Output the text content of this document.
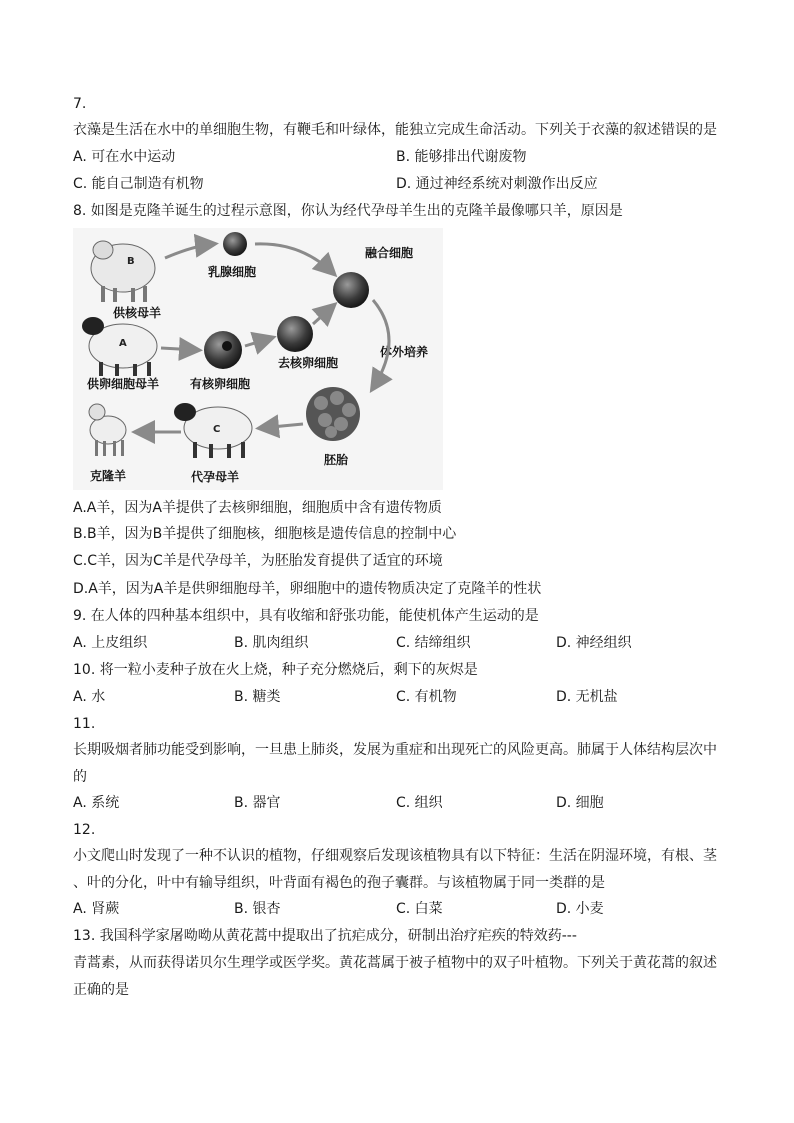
7.
衣藻是生活在水中的单细胞生物，有鞭毛和叶绿体，能独立完成生命活动。下列关于衣藻的叙述错误的是
A. 可在水中运动	B. 能够排出代谢废物
C. 能自己制造有机物	D. 通过神经系统对刺激作出反应
8. 如图是克隆羊诞生的过程示意图，你认为经代孕母羊生出的克隆羊最像哪只羊，原因是
B
供核母羊
乳腺细胞
融合细胞
A
供卵细胞母羊	有核卵细胞
去核卵细胞
体外培养
胚胎
C
代孕母羊
克隆羊
A.A羊，因为A羊提供了去核卵细胞，细胞质中含有遗传物质
B.B羊，因为B羊提供了细胞核，细胞核是遗传信息的控制中心
C.C羊，因为C羊是代孕母羊，为胚胎发育提供了适宜的环境
D.A羊，因为A羊是供卵细胞母羊，卵细胞中的遗传物质决定了克隆羊的性状
9. 在人体的四种基本组织中，具有收缩和舒张功能，能使机体产生运动的是
A. 上皮组织	B. 肌肉组织	C. 结缔组织	D. 神经组织
10. 将一粒小麦种子放在火上烧，种子充分燃烧后，剩下的灰烬是
A. 水	B. 糖类	C. 有机物	D. 无机盐
11.
长期吸烟者肺功能受到影响，一旦患上肺炎，发展为重症和出现死亡的风险更高。肺属于人体结构层次中
的
A. 系统	B. 器官	C. 组织	D. 细胞
12.
小文爬山时发现了一种不认识的植物，仔细观察后发现该植物具有以下特征：生活在阴湿环境，有根、茎
、叶的分化，叶中有输导组织，叶背面有褐色的孢子囊群。与该植物属于同一类群的是
A. 肾蕨	B. 银杏	C. 白菜	D. 小麦
13. 我国科学家屠呦呦从黄花蒿中提取出了抗疟成分，研制出治疗疟疾的特效药---
青蒿素，从而获得诺贝尔生理学或医学奖。黄花蒿属于被子植物中的双子叶植物。下列关于黄花蒿的叙述
正确的是
